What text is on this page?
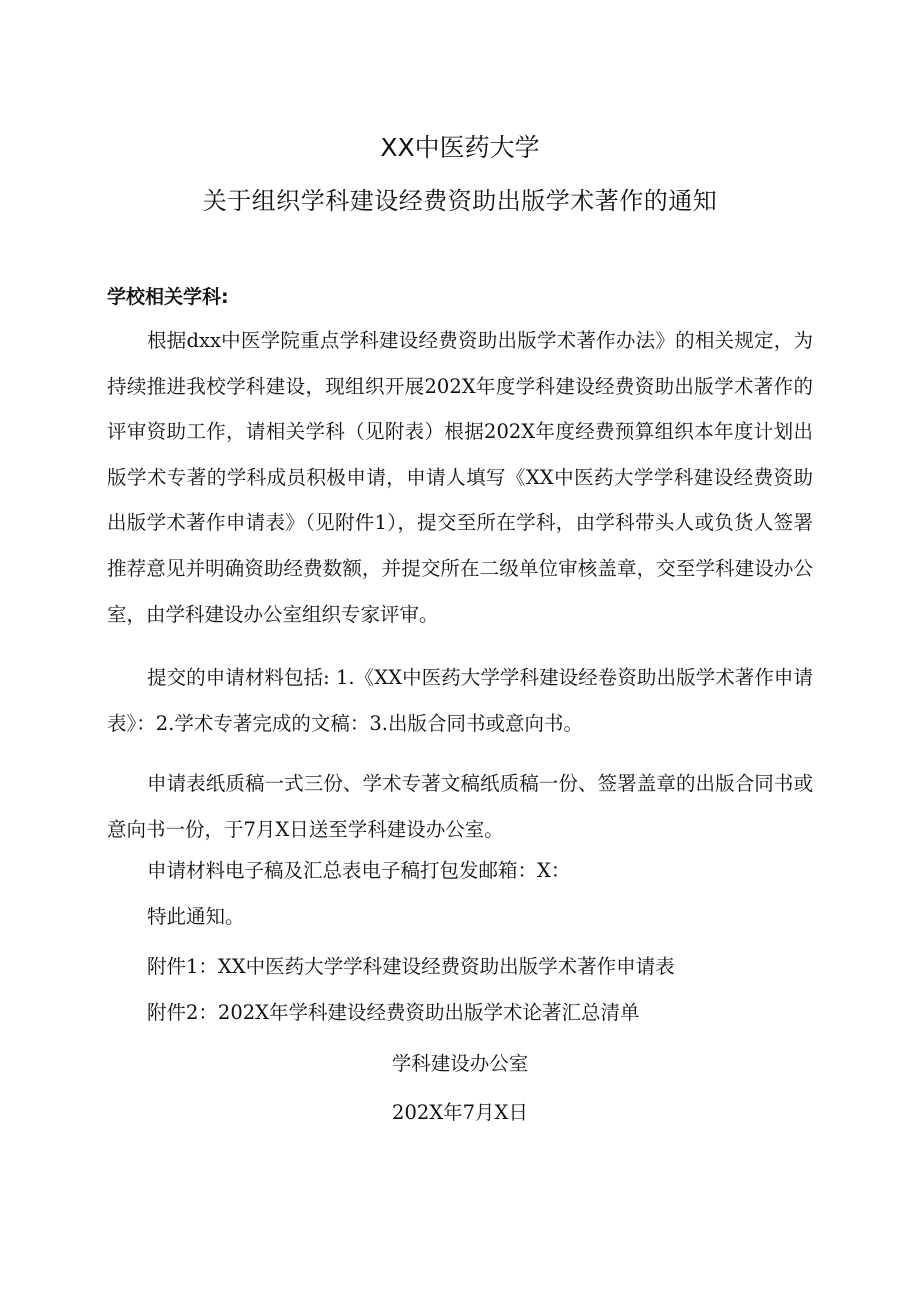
XX中医药大学
关于组织学科建设经费资助出版学术著作的通知
学校相关学科:
根据dxx中医学院重点学科建设经费资助出版学术著作办法》的相关规定，为持续推进我校学科建设，现组织开展202X年度学科建设经费资助出版学术著作的评审资助工作，请相关学科（见附表）根据202X年度经费预算组织本年度计划出版学术专著的学科成员积极申请，申请人填写《XX中医药大学学科建设经费资助出版学术著作申请表》（见附件1），提交至所在学科，由学科带头人或负货人签署推荐意见并明确资助经费数额，并提交所在二级单位审核盖章，交至学科建设办公室，由学科建设办公室组织专家评审。
提交的申请材料包括: 1.《XX中医药大学学科建设经卷资助出版学术著作申请表》：2.学术专著完成的文稿：3.出版合同书或意向书。
申请表纸质稿一式三份、学术专著文稿纸质稿一份、签署盖章的出版合同书或意向书一份，于7月X日送至学科建设办公室。
申请材料电子稿及汇总表电子稿打包发邮箱：X：
特此通知。
附件1：XX中医药大学学科建设经费资助出版学术著作申请表
附件2：202X年学科建设经费资助出版学术论著汇总清单
学科建设办公室
202X年7月X日
